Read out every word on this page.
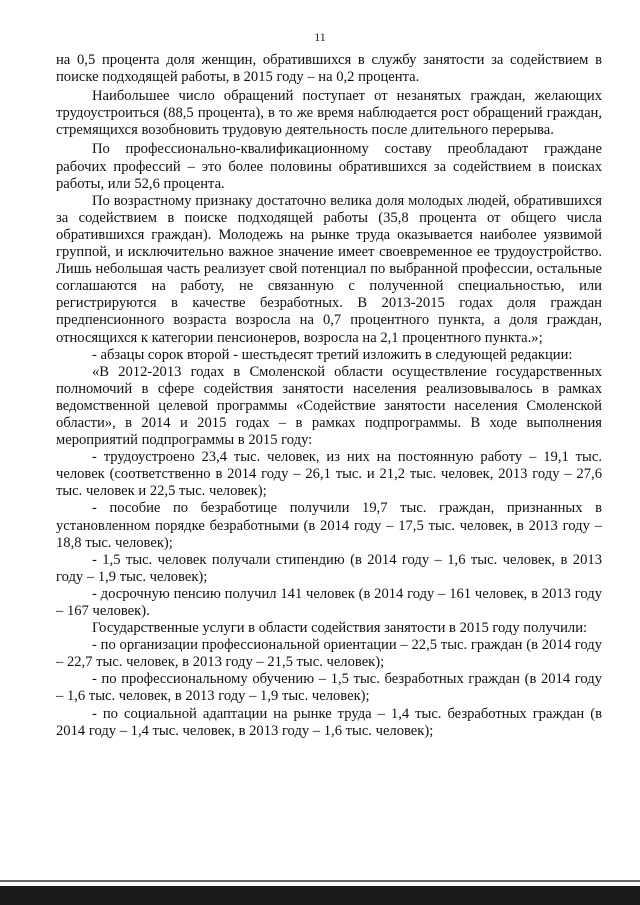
11

на 0,5 процента доля женщин, обратившихся в службу занятости за содействием в поиске подходящей работы, в 2015 году – на 0,2 процента.

Наибольшее число обращений поступает от незанятых граждан, желающих трудоустроиться (88,5 процента), в то же время наблюдается рост обращений граждан, стремящихся возобновить трудовую деятельность после длительного перерыва.

По профессионально-квалификационному составу преобладают граждане рабочих профессий – это более половины обратившихся за содействием в поисках работы, или 52,6 процента.

По возрастному признаку достаточно велика доля молодых людей, обратившихся за содействием в поиске подходящей работы (35,8 процента от общего числа обратившихся граждан). Молодежь на рынке труда оказывается наиболее уязвимой группой, и исключительно важное значение имеет своевременное ее трудоустройство. Лишь небольшая часть реализует свой потенциал по выбранной профессии, остальные соглашаются на работу, не связанную с полученной специальностью, или регистрируются в качестве безработных. В 2013-2015 годах доля граждан предпенсионного возраста возросла на 0,7 процентного пункта, а доля граждан, относящихся к категории пенсионеров, возросла на 2,1 процентного пункта.»;

- абзацы сорок второй - шестьдесят третий изложить в следующей редакции:

«В 2012-2013 годах в Смоленской области осуществление государственных полномочий в сфере содействия занятости населения реализовывалось в рамках ведомственной целевой программы «Содействие занятости населения Смоленской области», в 2014 и 2015 годах – в рамках подпрограммы. В ходе выполнения мероприятий подпрограммы в 2015 году:

- трудоустроено 23,4 тыс. человек, из них на постоянную работу – 19,1 тыс. человек (соответственно в 2014 году – 26,1 тыс. и 21,2 тыс. человек, 2013 году – 27,6 тыс. человек и 22,5 тыс. человек);

- пособие по безработице получили 19,7 тыс. граждан, признанных в установленном порядке безработными (в 2014 году – 17,5 тыс. человек, в 2013 году – 18,8 тыс. человек);

- 1,5 тыс. человек получали стипендию (в 2014 году – 1,6 тыс. человек, в 2013 году – 1,9 тыс. человек);

- досрочную пенсию получил 141 человек (в 2014 году – 161 человек, в 2013 году – 167 человек).

Государственные услуги в области содействия занятости в 2015 году получили:

- по организации профессиональной ориентации – 22,5 тыс. граждан (в 2014 году – 22,7 тыс. человек, в 2013 году – 21,5 тыс. человек);

- по профессиональному обучению – 1,5 тыс. безработных граждан (в 2014 году – 1,6 тыс. человек, в 2013 году – 1,9 тыс. человек);

- по социальной адаптации на рынке труда – 1,4 тыс. безработных граждан (в 2014 году – 1,4 тыс. человек, в 2013 году – 1,6 тыс. человек);
